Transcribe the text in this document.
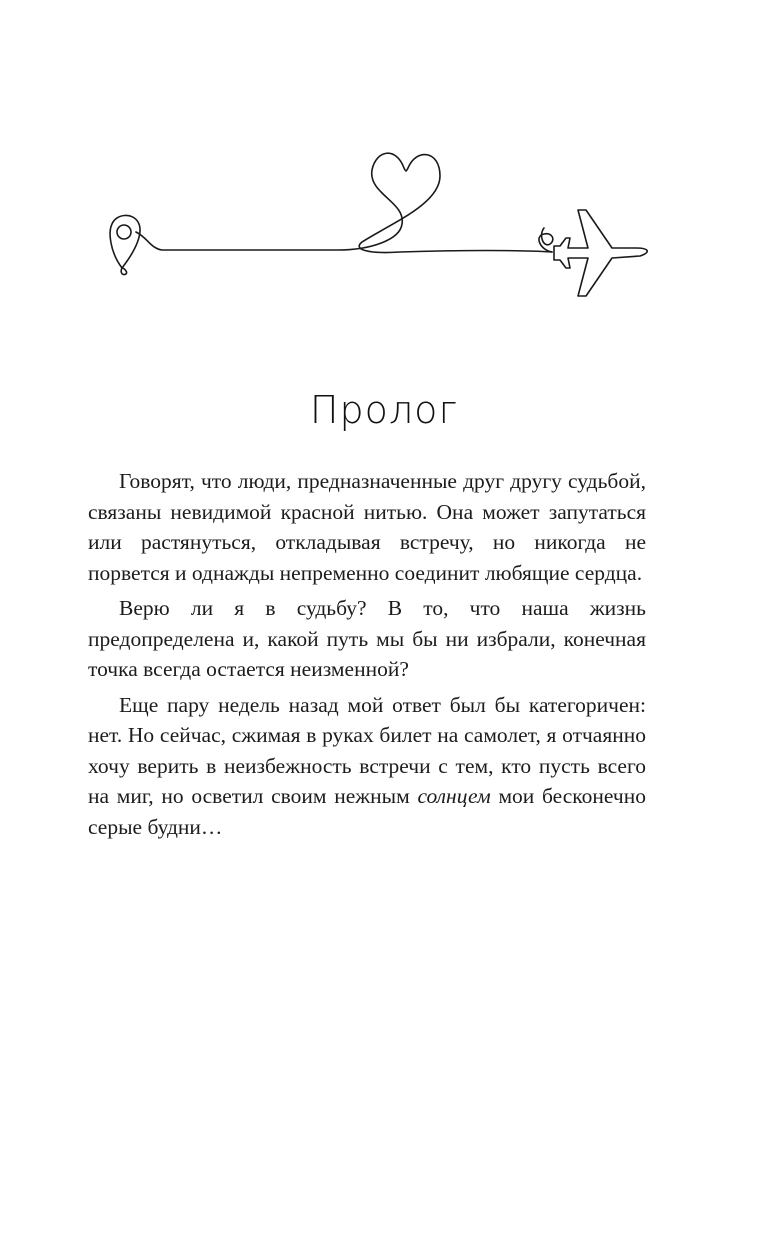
Пролог

Говорят, что люди, предназначенные друг другу судьбой, связаны невидимой красной нитью. Она может запутаться или растянуться, откладывая встречу, но никогда не порвется и однажды непременно соединит любящие сердца.

Верю ли я в судьбу? В то, что наша жизнь предопределена и, какой путь мы бы ни избрали, конечная точка всегда остается неизменной?

Еще пару недель назад мой ответ был бы категоричен: нет. Но сейчас, сжимая в руках билет на самолет, я отчаянно хочу верить в неизбежность встречи с тем, кто пусть всего на миг, но осветил своим нежным солнцем мои бесконечно серые будни…
